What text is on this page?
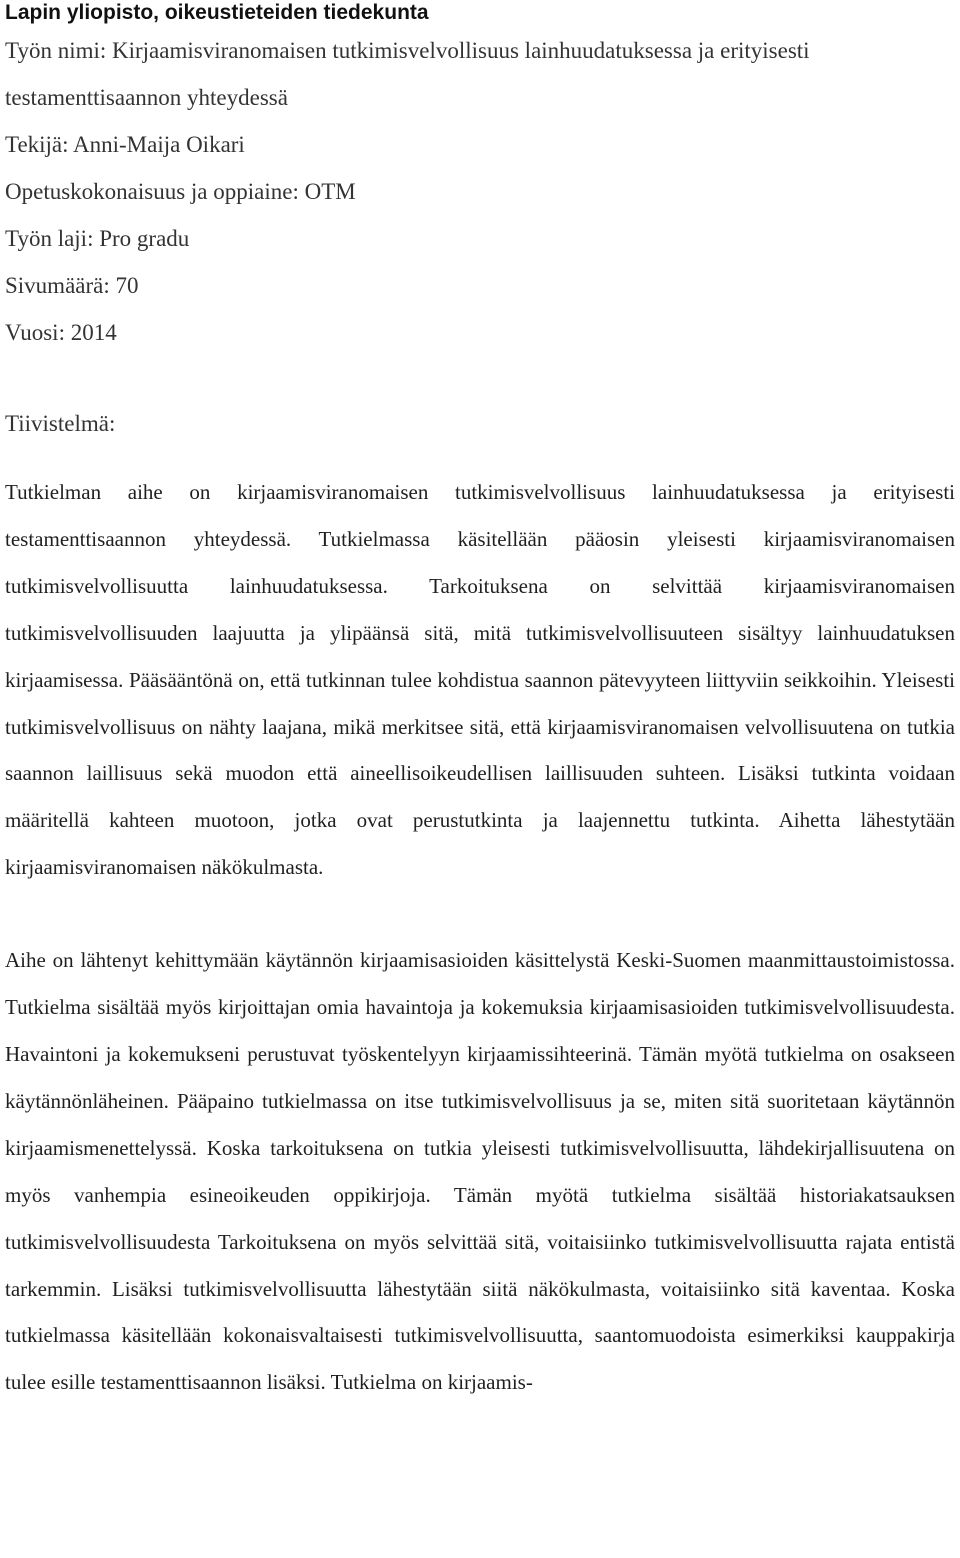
Lapin yliopisto, oikeustieteiden tiedekunta
Työn nimi: Kirjaamisviranomaisen tutkimisvelvollisuus lainhuudatuksessa ja erityisesti
testamenttisaannon yhteydessä
Tekijä: Anni-Maija Oikari
Opetuskokonaisuus ja oppiaine: OTM
Työn laji: Pro gradu
Sivumäärä: 70
Vuosi: 2014
Tiivistelmä:

Tutkielman aihe on kirjaamisviranomaisen tutkimisvelvollisuus lainhuudatuksessa ja erityisesti testamenttisaannon yhteydessä. Tutkielmassa käsitellään pääosin yleisesti kirjaamisviranomaisen tutkimisvelvollisuutta lainhuudatuksessa. Tarkoituksena on selvittää kirjaamisviranomaisen tutkimisvelvollisuuden laajuutta ja ylipäänsä sitä, mitä tutkimisvelvollisuuteen sisältyy lainhuudatuksen kirjaamisessa. Pääsääntönä on, että tutkinnan tulee kohdistua saannon pätevyyteen liittyviin seikkoihin. Yleisesti tutkimisvelvollisuus on nähty laajana, mikä merkitsee sitä, että kirjaamisviranomaisen velvollisuutena on tutkia saannon laillisuus sekä muodon että aineellisoikeudellisen laillisuuden suhteen. Lisäksi tutkinta voidaan määritellä kahteen muotoon, jotka ovat perustutkinta ja laajennettu tutkinta. Aihetta lähestytään kirjaamisviranomaisen näkökulmasta.

Aihe on lähtenyt kehittymään käytännön kirjaamisasioiden käsittelystä Keski-Suomen maanmittaustoimistossa. Tutkielma sisältää myös kirjoittajan omia havaintoja ja kokemuksia kirjaamisasioiden tutkimisvelvollisuudesta. Havaintoni ja kokemukseni perustuvat työskentelyyn kirjaamissihteerinä. Tämän myötä tutkielma on osakseen käytännönläheinen. Pääpaino tutkielmassa on itse tutkimisvelvollisuus ja se, miten sitä suoritetaan käytännön kirjaamismenettelyssä. Koska tarkoituksena on tutkia yleisesti tutkimisvelvollisuutta, lähdekirjallisuutena on myös vanhempia esineoikeuden oppikirjoja. Tämän myötä tutkielma sisältää historiakatsauksen tutkimisvelvollisuudesta Tarkoituksena on myös selvittää sitä, voitaisiinko tutkimisvelvollisuutta rajata entistä tarkemmin. Lisäksi tutkimisvelvollisuutta lähestytään siitä näkökulmasta, voitaisiinko sitä kaventaa. Koska tutkielmassa käsitellään kokonaisvaltaisesti tutkimisvelvollisuutta, saantomuodoista esimerkiksi kauppakirja tulee esille testamenttisaannon lisäksi. Tutkielma on kirjaamis-
